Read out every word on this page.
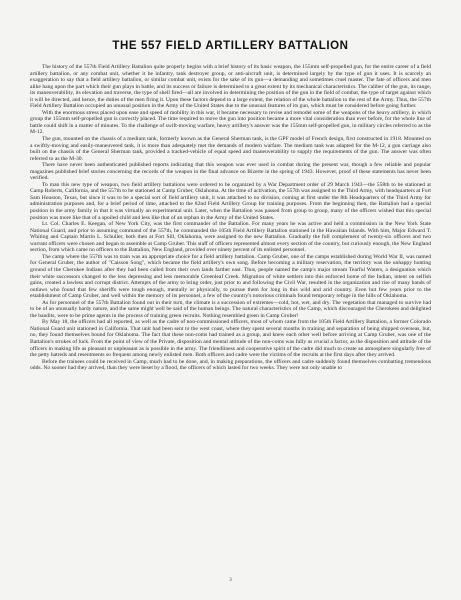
THE 557 FIELD ARTILLERY BATTALION

The history of the 557th Field Artillery Battalion quite properly begins with a brief history of its basic weapon, the 155mm self-propelled gun, for the entire career of a field artillery battalion, or any combat unit, whether it be infantry, tank destroyer group, or anti-aircraft unit, is determined largely by the type of gun it uses. It is scarcely an exaggeration to say that a field artillery battalion, or similar combat unit, exists for the sake of its gun—a demanding and sometimes cruel master. The fate of officers and men alike hang upon the part which their gun plays in battle, and its success or failure is determined to a great extent by its mechanical characteristics. The caliber of the gun, its range, its maneuverability, its elevation and traverse, the type of shell fired—all are involved in determining the position of the gun in the field of combat, the type of target against which it will be directed, and hence, the duties of the men firing it. Upon these factors depend to a large extent, the relation of the whole battalion to the rest of the Army. Thus, the 557th Field Artillery Battalion occupied an unusual position in the Army of the United States due to the unusual features of its gun, which must be considered before going further.

With the enormous stress placed upon ease and speed of mobility in this war, it became necessary to revise and remodel some of the weapons of the heavy artillery, in which group the 155mm self-propelled gun is correctly placed. The time required to move the gun into position became a more vital consideration than ever before, for the whole line of battle could shift in a matter of minutes. To the challenge of swift-moving warfare, heavy artillery's answer was the 155mm self-propelled gun, in military circles referred to as the M-12.

The gun, mounted on the chassis of a medium tank, formerly known as the General Sherman tank, is the GPF model of French design, first constructed in 1918. Mounted on a swiftly-moving and easily-maneuvered tank, it is more than adequately met the demands of modern warfare. The medium tank was adapted for the M-12, a gun carriage also built on the chassis of the General Sherman tank, provided a tracked-vehicle of equal speed and maneuverability to supply the requirements of the gun. The answer was often referred to as the M-30.

There have never been authenticated published reports indicating that this weapon was ever used in combat during the present war, though a few reliable and popular magazines published brief stories concerning the records of the weapon in the final advance on Bizerte in the spring of 1943. However, proof of these statements has never been verified.

To man this new type of weapon, two field artillery battalions were ordered to be organized by a War Department order of 29 March 1943—the 558th to be stationed at Camp Roberts, California, and the 557th to be stationed at Camp Gruber, Oklahoma. At the time of activation, the 557th was assigned to the Third Army, with headquarters at Fort Sam Houston, Texas, but since it was to be a special sort of field artillery unit, it was attached to no division, coming at first under the 8th Headquarters of the Third Army for administration purposes and, for a brief period of time, attached to the 82nd Field Artillery Group for training purposes. From the beginning then, the Battalion had a special position in the army family in that it was virtually an experimental unit. Later, when the Battalion was passed from group to group, many of the officers wished that this special position was more like that of a spoiled child and less like that of an orphan in the Army of the United States.

Lt. Col. Charles E. Keegan, of New York City, was the first commander of the Battalion. For many years he was active and held a commission in the New York State National Guard, and prior to assuming command of the 557th, he commanded the 105th Field Artillery Battalion stationed in the Hawaiian Islands. With him, Major Edward T. Whiting and Captain Martin L. Schuller, both then at Fort Sill, Oklahoma, were assigned to the new Battalion. Gradually the full complement of twenty-six officers and two warrant officers were chosen and began to assemble at Camp Gruber. This staff of officers represented almost every section of the country, but curiously enough, the New England section, from which came no officers to the Battalion, New England, provided over ninety percent of its enlisted personnel.

The camp where the 557th was to train was an appropriate choice for a field artillery battalion. Camp Gruber, one of the camps established during World War II, was named for General Gruber, the author of "Caisson Song", which became the field artillery's own song. Before becoming a military reservation, the territory was the unhappy hunting ground of the Cherokee Indians after they had been called from their own lands farther east. Thus, people named the camp's major stream Tearful Waters, a designation which their white successors changed to the less depressing and less memorable Greenleaf Creek. Migration of white settlers into this enforced home of the Indian, intent on selfish gains, created a lawless and corrupt district. Attempts of the army to bring order, just prior to and following the Civil War, resulted in the organization and rise of many bands of outlaws who found that few sheriffs were tough enough, mentally or physically, to pursue them for long in this wild and arid country. Even but few years prior to the establishment of Camp Gruber, and well within the memory of its personnel, a few of the country's notorious criminals found temporary refuge in the hills of Oklahoma.

As for personnel of the 557th Battalion found out in their turn, the climate is a succession of extremes—cold, hot, wet, and dry. The vegetation that managed to survive had to be of an unusually hardy nature, and the same might well be said of the human beings. The natural characteristics of the Camp, which discouraged the Cherokees and delighted the bandits, were to be prime agents in the process of training green recruits. Nothing resembled green in Camp Gruber!

By May 18, the officers had all reported, as well as the cadre of non-commissioned officers, most of whom came from the 105th Field Artillery Battalion, a former Colorado National Guard unit stationed in California. That unit had been sent to the west coast, where they spent several months in training and separation of being shipped overseas, but, no, they found themselves bound for Oklahoma. The fact that these non-coms had trained as a group, and knew each other well before arriving at Camp Gruber, was one of the Battalion's strokes of luck. From the point of view of the Private, disposition and mental attitude of the non-coms was fully as crucial a factor, as the disposition and attitude of the officers in making life as pleasant or unpleasant as is possible in the army. The friendliness and cooperative spirit of the cadre did much to create an atmosphere singularly free of the petty hatreds and resentments so frequent among newly enlisted men. Both officers and cadre were the victims of the recruits at the first days after they arrived.

Before the trainees could be received in Camp, much had to be done, and, in making preparations, the officers and cadre suddenly found themselves combatting tremendous odds. No sooner had they arrived, than they were beset by a flood, the officers of which lasted for two weeks. They were not only unable to

3
